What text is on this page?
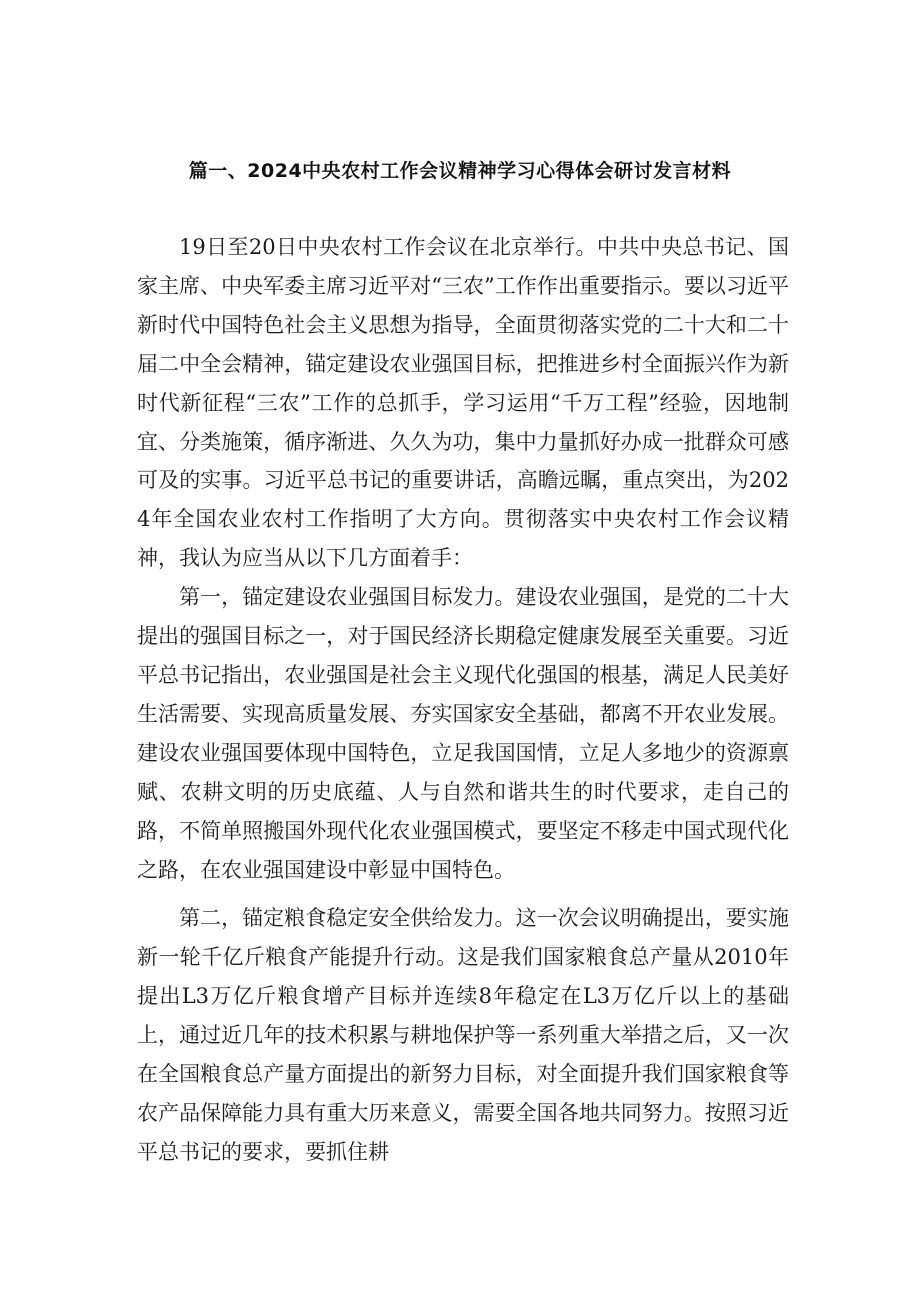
篇一、2024中央农村工作会议精神学习心得体会研讨发言材料

19日至20日中央农村工作会议在北京举行。中共中央总书记、国家主席、中央军委主席习近平对“三农”工作作出重要指示。要以习近平新时代中国特色社会主义思想为指导，全面贯彻落实党的二十大和二十届二中全会精神，锚定建设农业强国目标，把推进乡村全面振兴作为新时代新征程“三农”工作的总抓手，学习运用“千万工程”经验，因地制宜、分类施策，循序渐进、久久为功，集中力量抓好办成一批群众可感可及的实事。习近平总书记的重要讲话，高瞻远瞩，重点突出，为2024年全国农业农村工作指明了大方向。贯彻落实中央农村工作会议精神，我认为应当从以下几方面着手：

第一，锚定建设农业强国目标发力。建设农业强国，是党的二十大提出的强国目标之一，对于国民经济长期稳定健康发展至关重要。习近平总书记指出，农业强国是社会主义现代化强国的根基，满足人民美好生活需要、实现高质量发展、夯实国家安全基础，都离不开农业发展。建设农业强国要体现中国特色，立足我国国情，立足人多地少的资源禀赋、农耕文明的历史底蕴、人与自然和谐共生的时代要求，走自己的路，不简单照搬国外现代化农业强国模式，要坚定不移走中国式现代化之路，在农业强国建设中彰显中国特色。

第二，锚定粮食稳定安全供给发力。这一次会议明确提出，要实施新一轮千亿斤粮食产能提升行动。这是我们国家粮食总产量从2010年提出L3万亿斤粮食增产目标并连续8年稳定在L3万亿斤以上的基础上，通过近几年的技术积累与耕地保护等一系列重大举措之后，又一次在全国粮食总产量方面提出的新努力目标，对全面提升我们国家粮食等农产品保障能力具有重大历来意义，需要全国各地共同努力。按照习近平总书记的要求，要抓住耕
